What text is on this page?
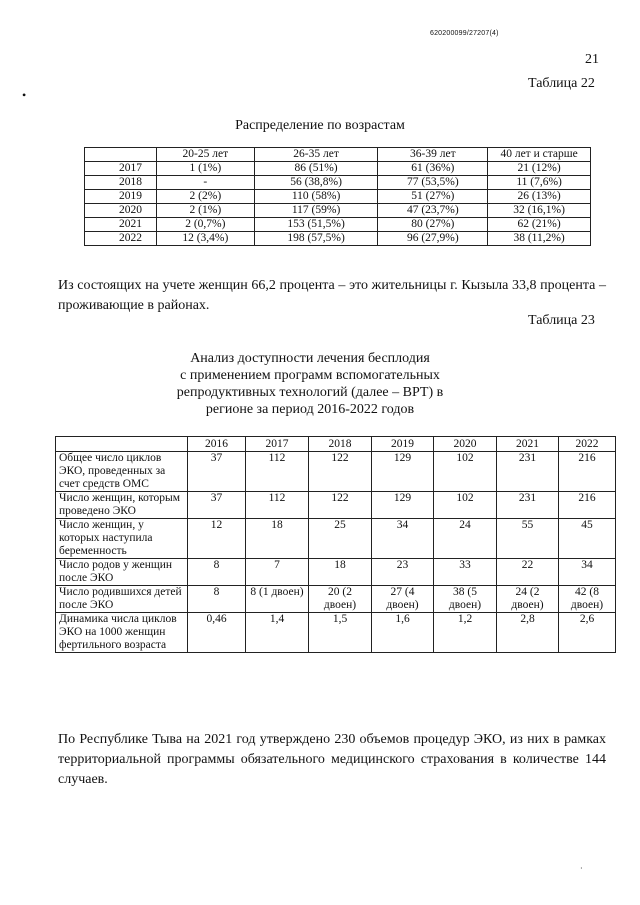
620200099/27207(4)
21
•
Таблица 22
Распределение по возрастам
	20-25 лет	26-35 лет	36-39 лет	40 лет и старше
2017	1 (1%)	86 (51%)	61 (36%)	21 (12%)
2018	-	56 (38,8%)	77 (53,5%)	11 (7,6%)
2019	2 (2%)	110 (58%)	51 (27%)	26 (13%)
2020	2 (1%)	117 (59%)	47 (23,7%)	32 (16,1%)
2021	2 (0,7%)	153 (51,5%)	80 (27%)	62 (21%)
2022	12 (3,4%)	198 (57,5%)	96 (27,9%)	38 (11,2%)
Из состоящих на учете женщин 66,2 процента – это жительницы г. Кызыла 33,8 процента – проживающие в районах.
Таблица 23
Анализ доступности лечения бесплодия
с применением программ вспомогательных
репродуктивных технологий (далее – ВРТ) в
регионе за период 2016-2022 годов
	2016	2017	2018	2019	2020	2021	2022
Общее число циклов ЭКО, проведенных за счет средств ОМС	37	112	122	129	102	231	216
Число женщин, которым проведено ЭКО	37	112	122	129	102	231	216
Число женщин, у которых наступила беременность	12	18	25	34	24	55	45
Число родов у женщин после ЭКО	8	7	18	23	33	22	34
Число родившихся детей после ЭКО	8	8 (1 двоен)	20 (2 двоен)	27 (4 двоен)	38 (5 двоен)	24 (2 двоен)	42 (8 двоен)
Динамика числа циклов ЭКО на 1000 женщин фертильного возраста	0,46	1,4	1,5	1,6	1,2	2,8	2,6
По Республике Тыва на 2021 год утверждено 230 объемов процедур ЭКО, из них в рамках территориальной программы обязательного медицинского страхования в количестве 144 случаев.
·
